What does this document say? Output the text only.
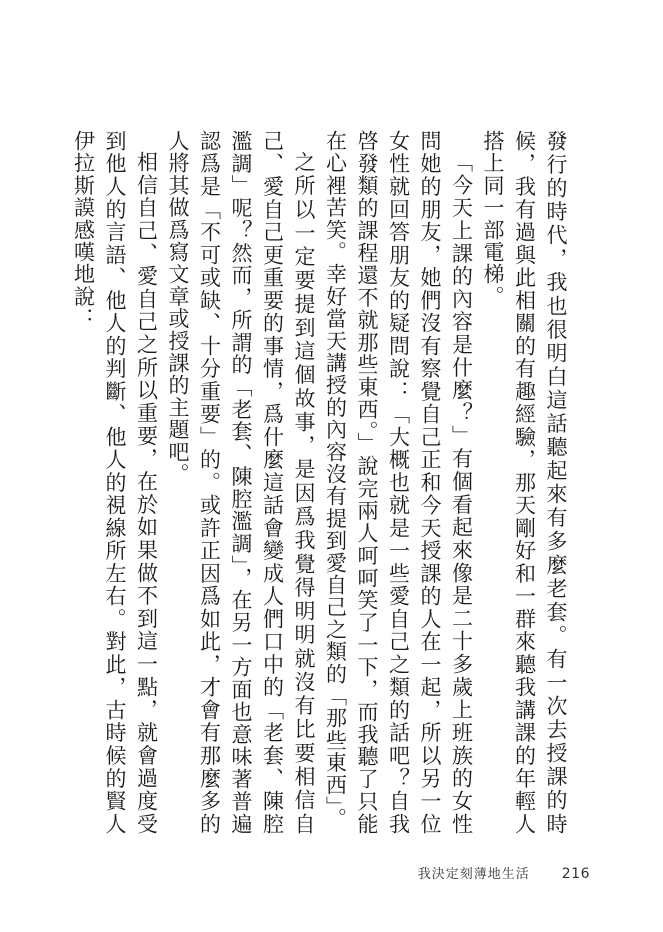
發行的時代，我也很明白這話聽起來有多麼老套。有一次去授課的時候，我有過與此相關的有趣經驗，那天剛好和一群來聽我講課的年輕人搭上同一部電梯。

「今天上課的內容是什麼？」有個看起來像是二十多歲上班族的女性問她的朋友，她們沒有察覺自己正和今天授課的人在一起，所以另一位女性就回答朋友的疑問說：「大概也就是一些愛自己之類的話吧？自我啓發類的課程還不就那些東西。」說完兩人呵呵笑了一下，而我聽了只能在心裡苦笑。幸好當天講授的內容沒有提到愛自己之類的「那些東西」。

之所以一定要提到這個故事，是因爲我覺得明明就沒有比要相信自己、愛自己更重要的事情，爲什麼這話會變成人們口中的「老套、陳腔濫調」呢？然而，所謂的「老套、陳腔濫調」，在另一方面也意味著普遍認爲是「不可或缺、十分重要」的。或許正因爲如此，才會有那麼多的人將其做爲寫文章或授課的主題吧。

相信自己、愛自己之所以重要，在於如果做不到這一點，就會過度受到他人的言語、他人的判斷、他人的視線所左右。對此，古時候的賢人伊拉斯謨感嘆地說：

我決定刻薄地生活 216
